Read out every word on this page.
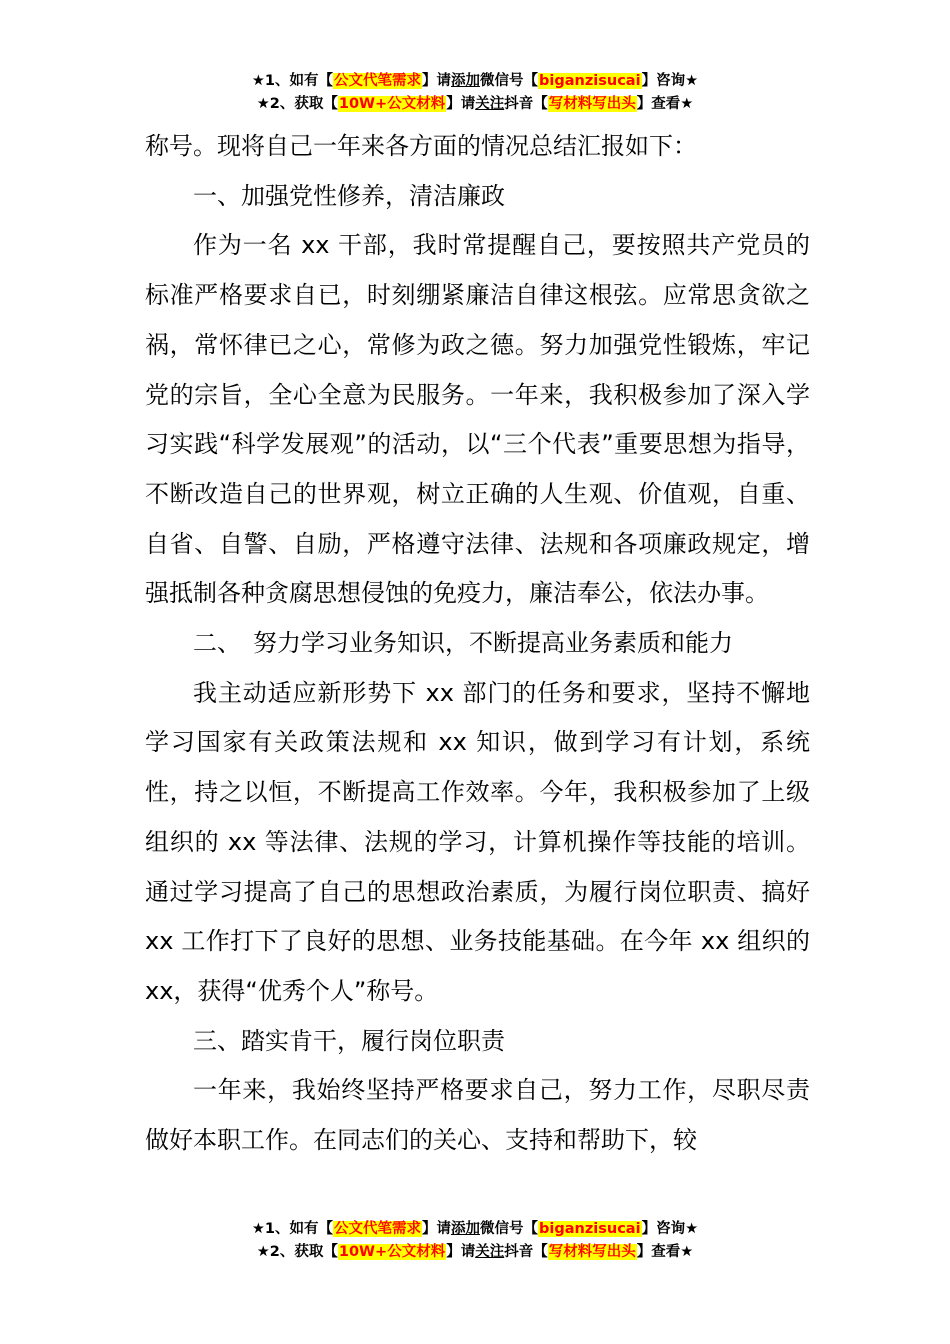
★1、如有【公文代笔需求】请添加微信号【biganzisucai】咨询★
★2、获取【10W+公文材料】请关注抖音【写材料写出头】查看★

称号。现将自己一年来各方面的情况总结汇报如下：

一、加强党性修养，清洁廉政

作为一名 xx 干部，我时常提醒自己，要按照共产党员的标准严格要求自已，时刻绷紧廉洁自律这根弦。应常思贪欲之祸，常怀律已之心，常修为政之德。努力加强党性锻炼，牢记党的宗旨，全心全意为民服务。一年来，我积极参加了深入学习实践“科学发展观”的活动，以“三个代表”重要思想为指导，不断改造自己的世界观，树立正确的人生观、价值观，自重、自省、自警、自励，严格遵守法律、法规和各项廉政规定，增强抵制各种贪腐思想侵蚀的免疫力，廉洁奉公，依法办事。

二、　努力学习业务知识，不断提高业务素质和能力

我主动适应新形势下 xx 部门的任务和要求，坚持不懈地学习国家有关政策法规和 xx 知识，做到学习有计划，系统性，持之以恒，不断提高工作效率。今年，我积极参加了上级组织的 xx 等法律、法规的学习，计算机操作等技能的培训。通过学习提高了自己的思想政治素质，为履行岗位职责、搞好 xx 工作打下了良好的思想、业务技能基础。在今年 xx 组织的 xx，获得“优秀个人”称号。

三、踏实肯干，履行岗位职责

一年来，我始终坚持严格要求自己，努力工作，尽职尽责做好本职工作。在同志们的关心、支持和帮助下，较

★1、如有【公文代笔需求】请添加微信号【biganzisucai】咨询★
★2、获取【10W+公文材料】请关注抖音【写材料写出头】查看★
